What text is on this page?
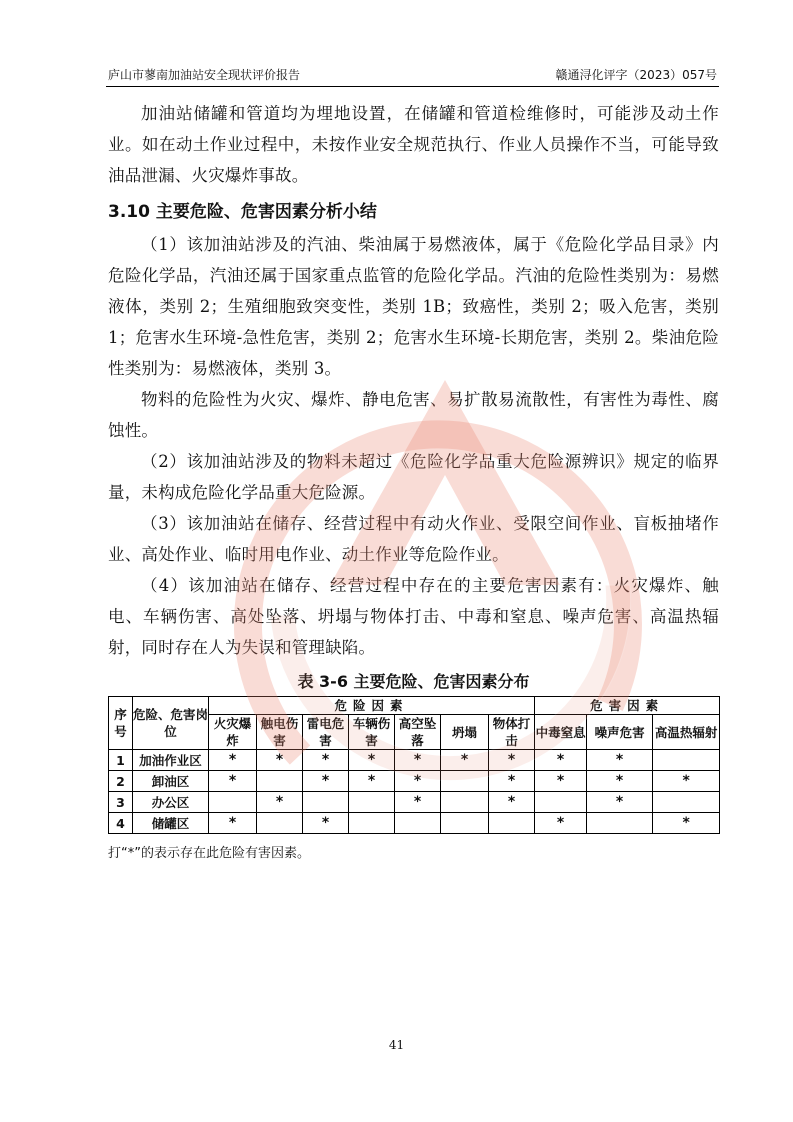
庐山市蓼南加油站安全现状评价报告	赣通浔化评字（2023）057号

加油站储罐和管道均为埋地设置，在储罐和管道检维修时，可能涉及动土作业。如在动土作业过程中，未按作业安全规范执行、作业人员操作不当，可能导致油品泄漏、火灾爆炸事故。

3.10 主要危险、危害因素分析小结

（1）该加油站涉及的汽油、柴油属于易燃液体，属于《危险化学品目录》内危险化学品，汽油还属于国家重点监管的危险化学品。汽油的危险性类别为：易燃液体，类别 2；生殖细胞致突变性，类别 1B；致癌性，类别 2；吸入危害，类别 1；危害水生环境-急性危害，类别 2；危害水生环境-长期危害，类别 2。柴油危险性类别为：易燃液体，类别 3。

物料的危险性为火灾、爆炸、静电危害、易扩散易流散性，有害性为毒性、腐蚀性。

（2）该加油站涉及的物料未超过《危险化学品重大危险源辨识》规定的临界量，未构成危险化学品重大危险源。

（3）该加油站在储存、经营过程中有动火作业、受限空间作业、盲板抽堵作业、高处作业、临时用电作业、动土作业等危险作业。

（4）该加油站在储存、经营过程中存在的主要危害因素有：火灾爆炸、触电、车辆伤害、高处坠落、坍塌与物体打击、中毒和窒息、噪声危害、高温热辐射，同时存在人为失误和管理缺陷。

表 3-6 主要危险、危害因素分布
序号	危险、危害岗位	危险因素							危害因素		
		火灾爆炸	触电伤害	雷电危害	车辆伤害	高空坠落	坍塌	物体打击	中毒窒息	噪声危害	高温热辐射
1	加油作业区	*	*	*	*	*	*	*	*	*	
2	卸油区	*		*	*	*		*	*	*	*
3	办公区		*			*		*		*	
4	储罐区	*		*					*		*
打“*”的表示存在此危险有害因素。
41
